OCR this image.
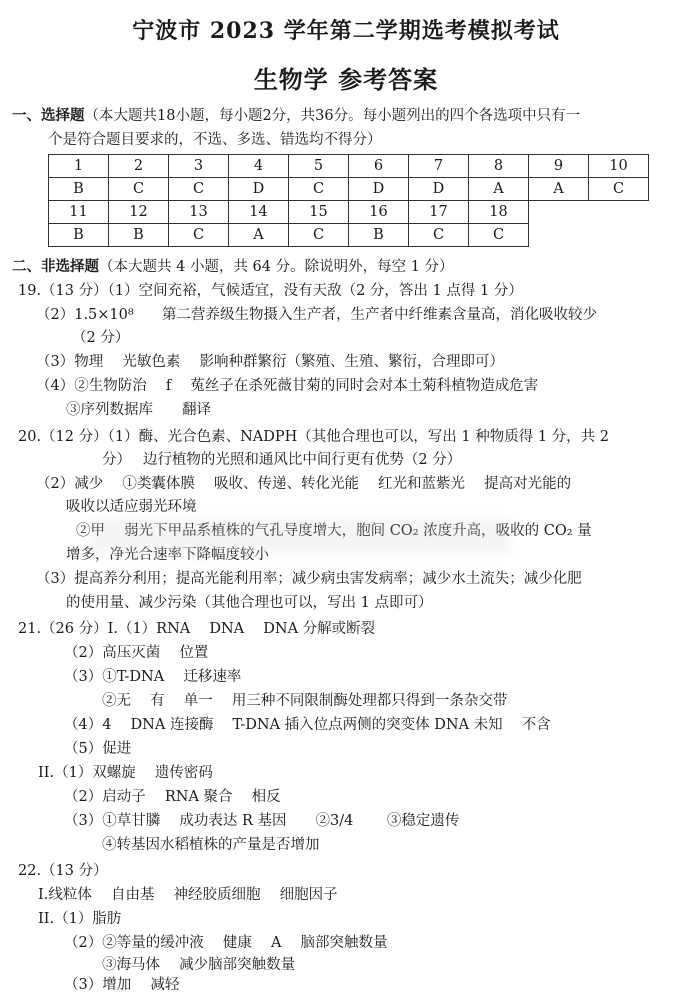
宁波市 2023 学年第二学期选考模拟考试
生物学 参考答案
一、选择题（本大题共18小题，每小题2分，共36分。每小题列出的四个各选项中只有一
个是符合题目要求的，不选、多选、错选均不得分）
1	2	3	4	5	6	7	8	9	10
B	C	C	D	C	D	D	A	A	C
11	12	13	14	15	16	17	18		
B	B	C	A	C	B	C	C		
二、非选择题（本大题共 4 小题，共 64 分。除说明外，每空 1 分）
19.（13 分）（1）空间充裕，气候适宜，没有天敌（2 分，答出 1 点得 1 分）
（2）1.5×10⁸ 第二营养级生物摄入生产者，生产者中纤维素含量高，消化吸收较少
（2 分）
（3）物理　 光敏色素　 影响种群繁衍（繁殖、生殖、繁衍，合理即可）
（4）②生物防治　 f　 菟丝子在杀死薇甘菊的同时会对本土菊科植物造成危害
③序列数据库　　翻译
20.（12 分）（1）酶、光合色素、NADPH（其他合理也可以，写出 1 种物质得 1 分，共 2
分）　 边行植物的光照和通风比中间行更有优势（2 分）
（2）减少　 ①类囊体膜　 吸收、传递、转化光能　 红光和蓝紫光　 提高对光能的
吸收以适应弱光环境
②甲　 弱光下甲品系植株的气孔导度增大，胞间 CO₂ 浓度升高，吸收的 CO₂ 量
增多，净光合速率下降幅度较小
（3）提高养分利用；提高光能利用率；减少病虫害发病率；减少水土流失；减少化肥
的使用量、减少污染（其他合理也可以，写出 1 点即可）
21.（26 分）I.（1）RNA　 DNA　 DNA 分解或断裂
（2）高压灭菌　 位置
（3）①T-DNA　 迁移速率
②无　 有　 单一　 用三种不同限制酶处理都只得到一条杂交带
（4）4　 DNA 连接酶　 T-DNA 插入位点两侧的突变体 DNA 未知　 不含
（5）促进
II.（1）双螺旋　 遗传密码
（2）启动子　 RNA 聚合　 相反
（3）①草甘膦　 成功表达 R 基因　　②3/4　　 ③稳定遗传
④转基因水稻植株的产量是否增加
22.（13 分）
I.线粒体　 自由基　 神经胶质细胞　 细胞因子
II.（1）脂肪
（2）②等量的缓冲液　 健康　 A　 脑部突触数量
③海马体　 减少脑部突触数量
（3）增加　 减轻
